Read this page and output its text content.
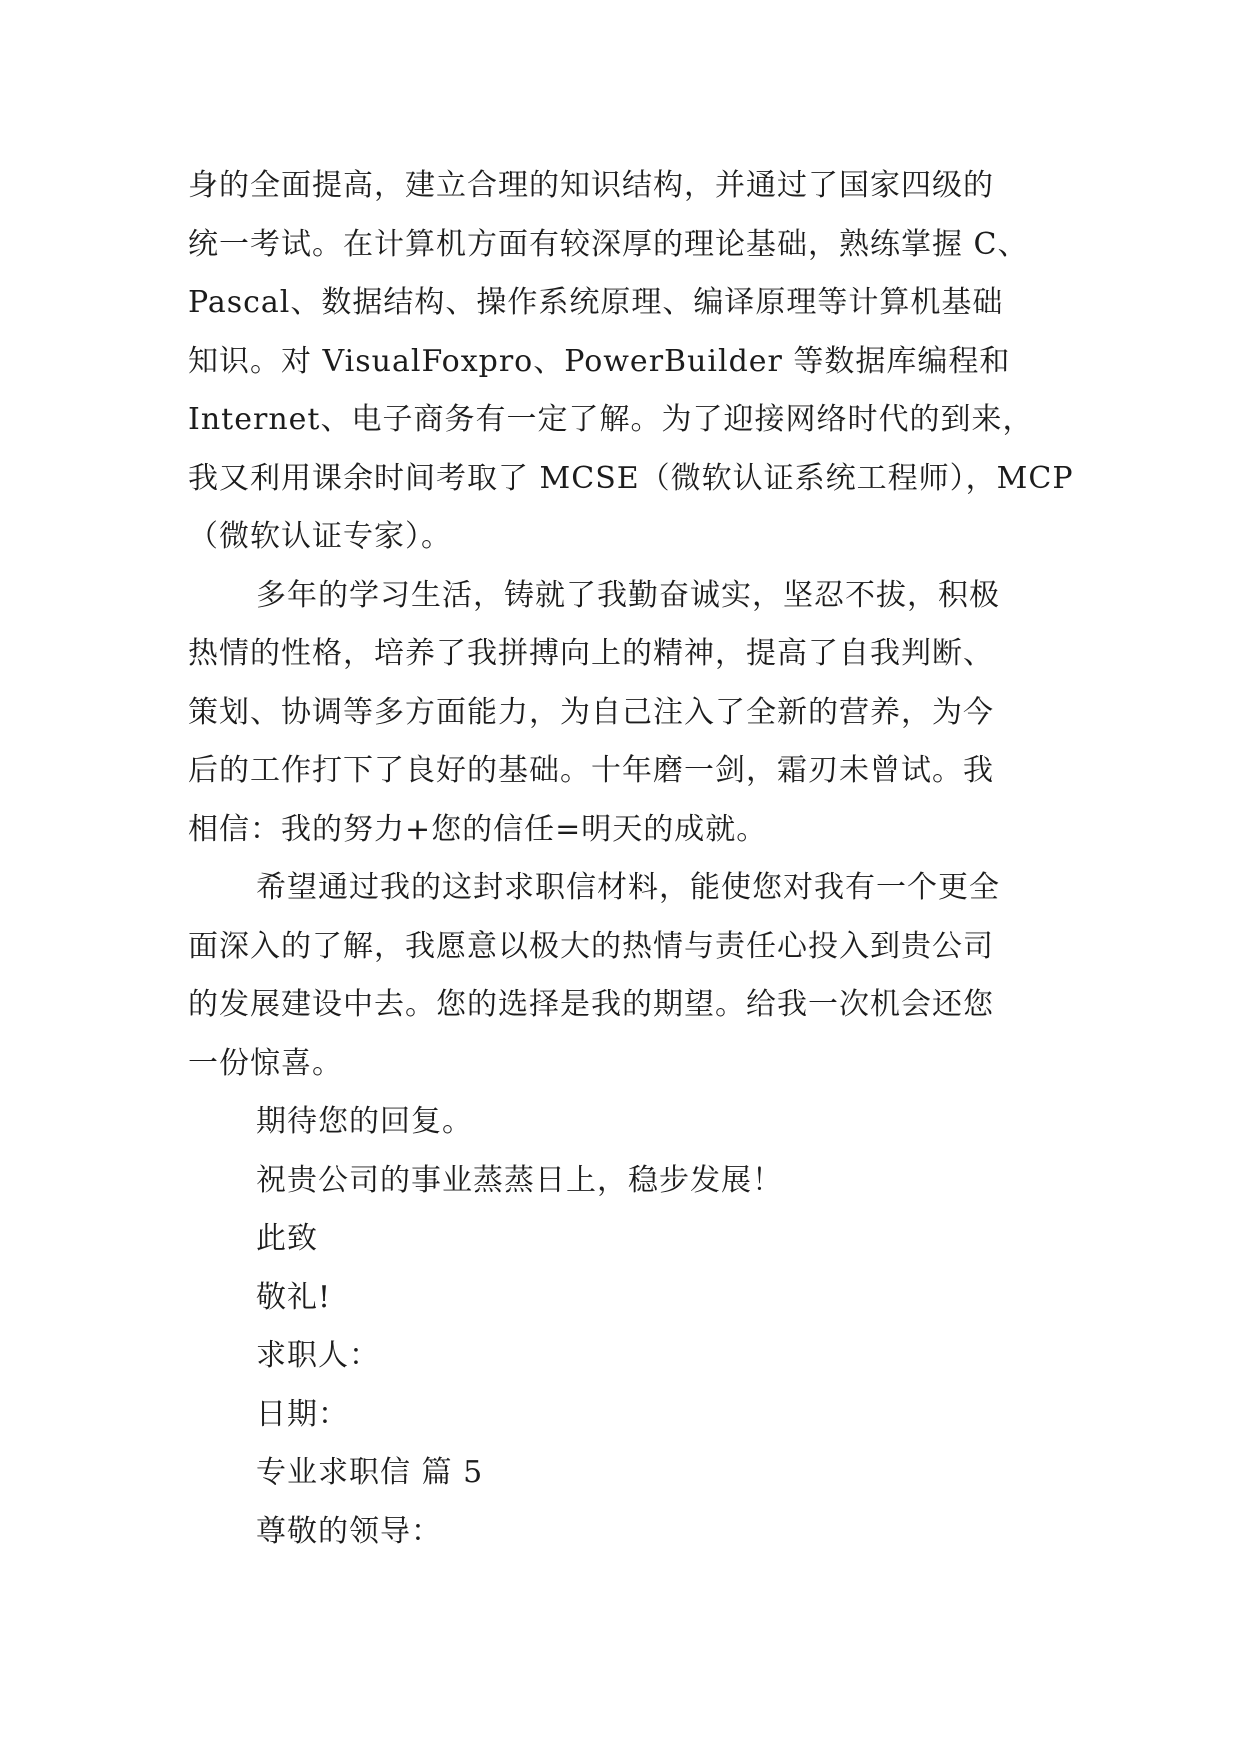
身的全面提高，建立合理的知识结构，并通过了国家四级的
统一考试。在计算机方面有较深厚的理论基础，熟练掌握 C、
Pascal、数据结构、操作系统原理、编译原理等计算机基础
知识。对 VisualFoxpro、PowerBuilder 等数据库编程和
Internet、电子商务有一定了解。为了迎接网络时代的到来，
我又利用课余时间考取了 MCSE（微软认证系统工程师），MCP
（微软认证专家）。
多年的学习生活，铸就了我勤奋诚实，坚忍不拔，积极
热情的性格，培养了我拼搏向上的精神，提高了自我判断、
策划、协调等多方面能力，为自己注入了全新的营养，为今
后的工作打下了良好的基础。十年磨一剑，霜刃未曾试。我
相信：我的努力+您的信任=明天的成就。
希望通过我的这封求职信材料，能使您对我有一个更全
面深入的了解，我愿意以极大的热情与责任心投入到贵公司
的发展建设中去。您的选择是我的期望。给我一次机会还您
一份惊喜。
期待您的回复。
祝贵公司的事业蒸蒸日上，稳步发展！
此致
敬礼!
求职人：
日期：
专业求职信 篇 5
尊敬的领导：
